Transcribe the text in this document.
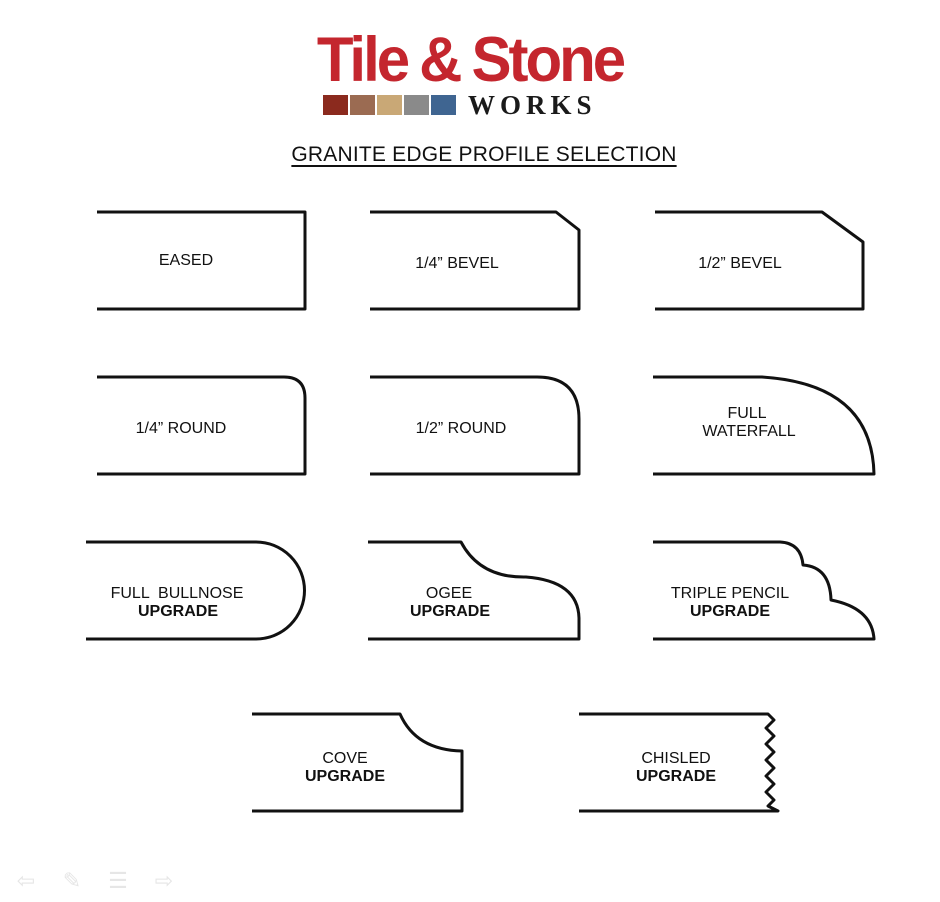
Tile & Stone
WORKS
GRANITE EDGE PROFILE SELECTION
EASED	1/4” BEVEL	1/2” BEVEL
1/4” ROUND	1/2” ROUND
FULL
WATERFALL
FULL  BULLNOSE
UPGRADE
OGEE
UPGRADE
TRIPLE PENCIL
UPGRADE
COVE
UPGRADE
CHISLED
UPGRADE
⇦	✎	☰	⇨
